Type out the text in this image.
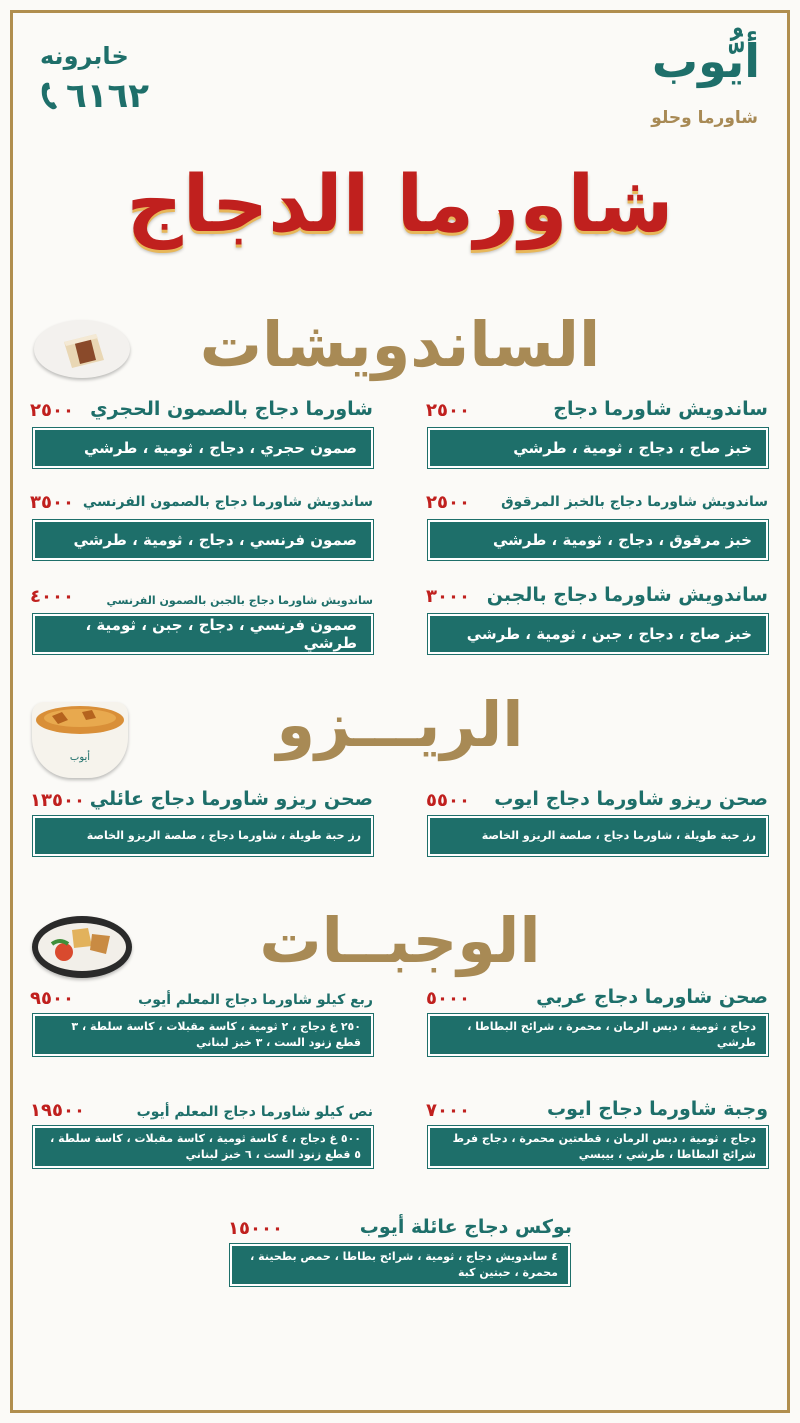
أيُّوب
شاورما وحلو
خابرونه
٦١٦٢
شاورما الدجاج
الساندويشات
ساندويش شاورما دجاج
٢٥٠٠
خبز صاج ، دجاج ، ثومية ، طرشي
شاورما دجاج بالصمون الحجري
٢٥٠٠
صمون حجري ، دجاج ، ثومية ، طرشي
ساندويش شاورما دجاج بالخبز المرقوق
٢٥٠٠
خبز مرقوق ، دجاج ، ثومية ، طرشي
ساندويش شاورما دجاج بالصمون الفرنسي
٣٥٠٠
صمون فرنسي ، دجاج ، ثومية ، طرشي
ساندويش شاورما دجاج بالجبن
٣٠٠٠
خبز صاج ، دجاج ، جبن ، ثومية ، طرشي
ساندويش شاورما دجاج بالجبن بالصمون الفرنسي
٤٠٠٠
صمون فرنسي ، دجاج ، جبن ، ثومية ، طرشي
أيوب	الريـــزو
صحن ريزو شاورما دجاج ايوب
٥٥٠٠
رز حبة طويلة ، شاورما دجاج ، صلصة الريزو الخاصة
صحن ريزو شاورما دجاج عائلي
١٣٥٠٠
رز حبة طويلة ، شاورما دجاج ، صلصة الريزو الخاصة
الوجبــات
صحن شاورما دجاج عربي
٥٠٠٠
دجاج ، ثومية ، دبس الرمان ، محمرة ، شرائح البطاطا ، طرشي
ربع كيلو شاورما دجاج المعلم أيوب
٩٥٠٠
٢٥٠ غ دجاج ، ٢ ثومية ، كاسة مقبلات ، كاسة سلطة ، ٣ قطع زنود الست ، ٣ خبز لبناني
وجبة شاورما دجاج ايوب
٧٠٠٠
دجاج ، ثومية ، دبس الرمان ، قطعتين محمرة ، دجاج فرط شرائح البطاطا ، طرشي ، بيبسي
نص كيلو شاورما دجاج المعلم أيوب
١٩٥٠٠
٥٠٠ غ دجاج ، ٤ كاسة ثومية ، كاسة مقبلات ، كاسة سلطة ، ٥ قطع زنود الست ، ٦ خبز لبناني
بوكس دجاج عائلة أيوب
١٥٠٠٠
٤ ساندويش دجاج ، ثومية ، شرائح بطاطا ، حمص بطحينة ، محمرة ، حبتين كبة
